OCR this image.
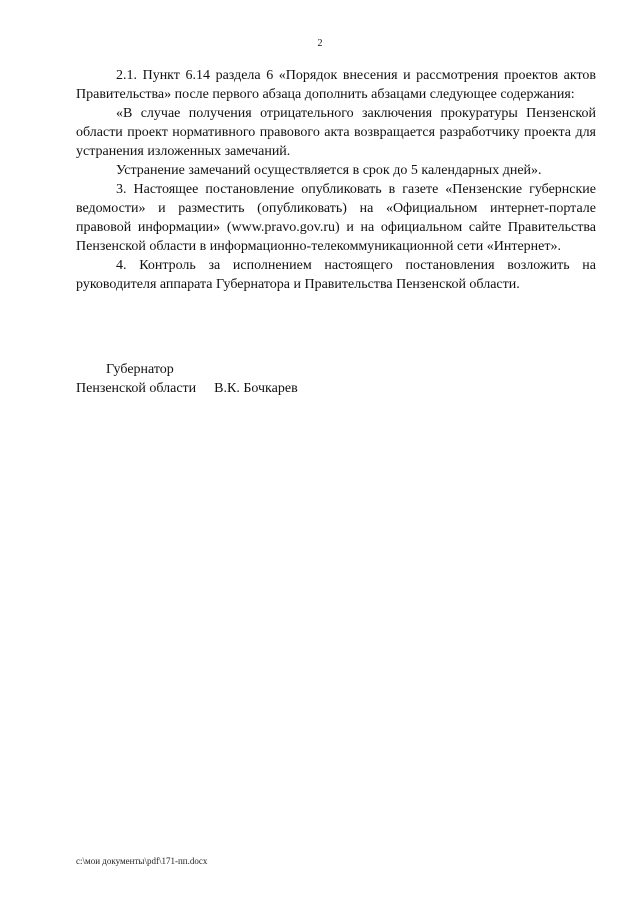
2

2.1. Пункт 6.14 раздела 6 «Порядок внесения и рассмотрения проектов актов Правительства» после первого абзаца дополнить абзацами следующее содержания:

«В случае получения отрицательного заключения прокуратуры Пензенской области проект нормативного правового акта возвращается разработчику проекта для устранения изложенных замечаний.

Устранение замечаний осуществляется в срок до 5 календарных дней».

3. Настоящее постановление опубликовать в газете «Пензенские губернские ведомости» и разместить (опубликовать) на «Официальном интернет-портале правовой информации» (www.pravo.gov.ru) и на официальном сайте Правительства Пензенской области в информационно-телекоммуникационной сети «Интернет».

4. Контроль за исполнением настоящего постановления возложить на руководителя аппарата Губернатора и Правительства Пензенской области.

Губернатор
Пензенской области В.К. Бочкарев
c:\мои документы\pdf\171-пп.docx
